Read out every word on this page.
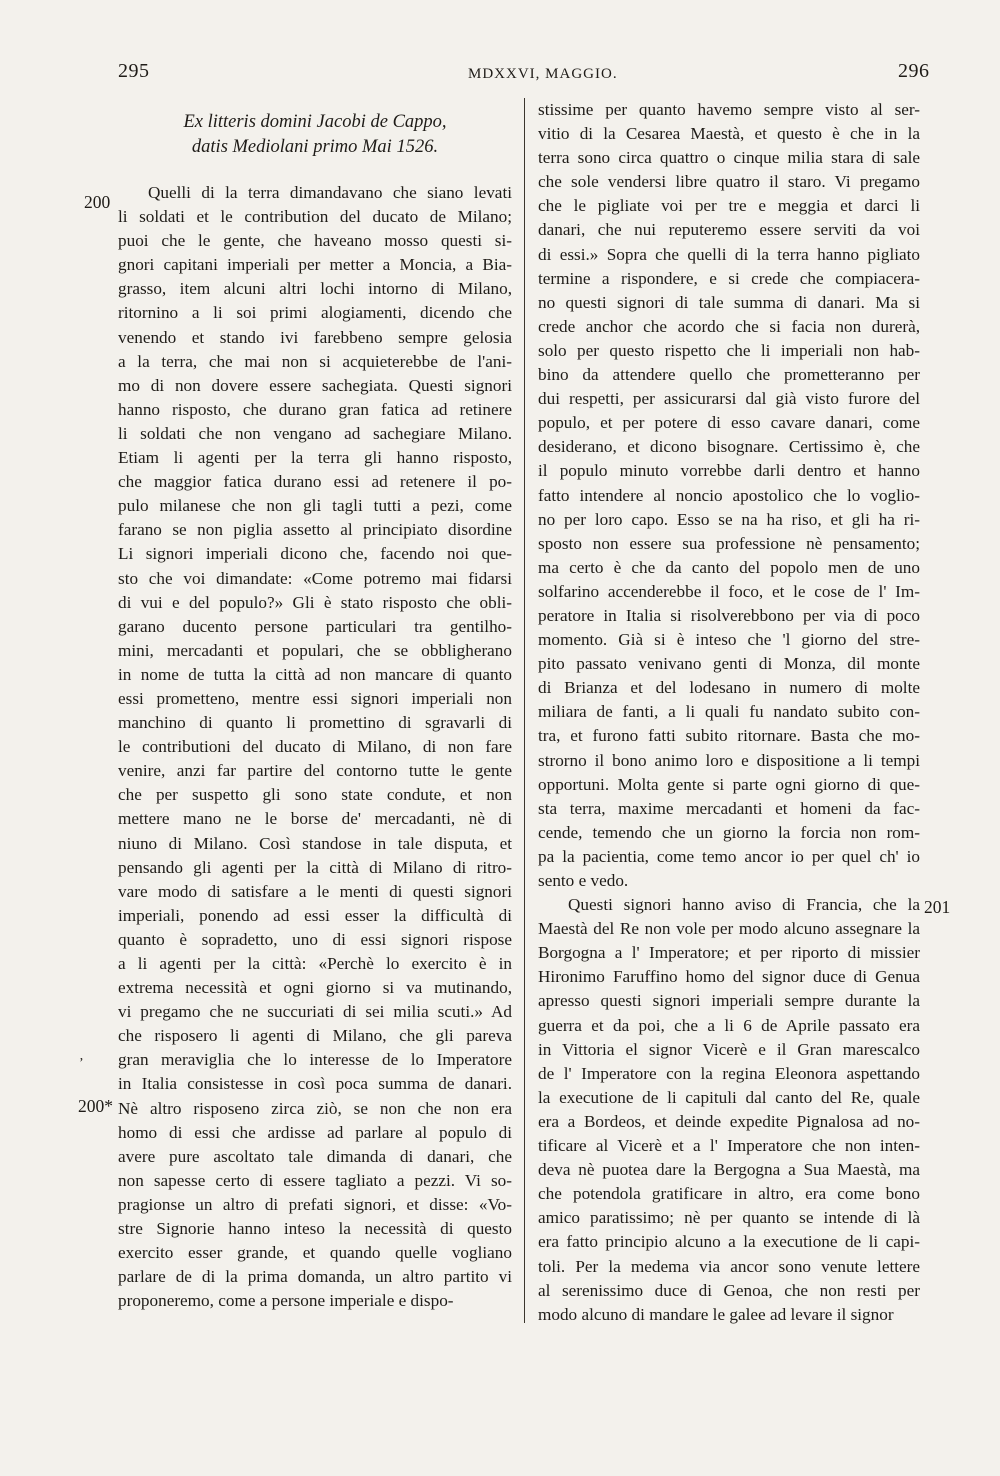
295	MDXXVI, MAGGIO.	296
200
’
200*
201
Ex litteris domini Jacobi de Cappo,
datis Mediolani primo Mai 1526.
Quelli di la terra dimandavano che siano levati
li soldati et le contribution del ducato de Milano;
puoi che le gente, che haveano mosso questi si-
gnori capitani imperiali per metter a Moncia, a Bia-
grasso, item alcuni altri lochi intorno di Milano,
ritornino a li soi primi alogiamenti, dicendo che
venendo et stando ivi farebbeno sempre gelosia
a la terra, che mai non si acquieterebbe de l'ani-
mo di non dovere essere sachegiata. Questi signori
hanno risposto, che durano gran fatica ad retinere
li soldati che non vengano ad sachegiare Milano.
Etiam li agenti per la terra gli hanno risposto,
che maggior fatica durano essi ad retenere il po-
pulo milanese che non gli tagli tutti a pezi, come
farano se non piglia assetto al principiato disordine
Li signori imperiali dicono che, facendo noi que-
sto che voi dimandate: «Come potremo mai fidarsi
di vui e del populo?» Gli è stato risposto che obli-
garano ducento persone particulari tra gentilho-
mini, mercadanti et populari, che se obbligherano
in nome de tutta la città ad non mancare di quanto
essi prometteno, mentre essi signori imperiali non
manchino di quanto li promettino di sgravarli di
le contributioni del ducato di Milano, di non fare
venire, anzi far partire del contorno tutte le gente
che per suspetto gli sono state condute, et non
mettere mano ne le borse de' mercadanti, nè di
niuno di Milano. Così standose in tale disputa, et
pensando gli agenti per la città di Milano di ritro-
vare modo di satisfare a le menti di questi signori
imperiali, ponendo ad essi esser la difficultà di
quanto è sopradetto, uno di essi signori rispose
a li agenti per la città: «Perchè lo exercito è in
extrema necessità et ogni giorno si va mutinando,
vi pregamo che ne succuriati di sei milia scuti.» Ad
che risposero li agenti di Milano, che gli pareva
gran meraviglia che lo interesse de lo Imperatore
in Italia consistesse in così poca summa de danari.
Nè altro risposeno zirca ziò, se non che non era
homo di essi che ardisse ad parlare al populo di
avere pure ascoltato tale dimanda di danari, che
non sapesse certo di essere tagliato a pezzi. Vi so-
pragionse un altro di prefati signori, et disse: «Vo-
stre Signorie hanno inteso la necessità di questo
exercito esser grande, et quando quelle vogliano
parlare de di la prima domanda, un altro partito vi
proponeremo, come a persone imperiale e dispo-
stissime per quanto havemo sempre visto al ser-
vitio di la Cesarea Maestà, et questo è che in la
terra sono circa quattro o cinque milia stara di sale
che sole vendersi libre quatro il staro. Vi pregamo
che le pigliate voi per tre e meggia et darci li
danari, che nui reputeremo essere serviti da voi
di essi.» Sopra che quelli di la terra hanno pigliato
termine a rispondere, e si crede che compiacera-
no questi signori di tale summa di danari. Ma si
crede anchor che acordo che si facia non durerà,
solo per questo rispetto che li imperiali non hab-
bino da attendere quello che prometteranno per
dui respetti, per assicurarsi dal già visto furore del
populo, et per potere di esso cavare danari, come
desiderano, et dicono bisognare. Certissimo è, che
il populo minuto vorrebbe darli dentro et hanno
fatto intendere al noncio apostolico che lo voglio-
no per loro capo. Esso se na ha riso, et gli ha ri-
sposto non essere sua professione nè pensamento;
ma certo è che da canto del popolo men de uno
solfarino accenderebbe il foco, et le cose de l' Im-
peratore in Italia si risolverebbono per via di poco
momento. Già si è inteso che 'l giorno del stre-
pito passato venivano genti di Monza, dil monte
di Brianza et del lodesano in numero di molte
miliara de fanti, a li quali fu nandato subito con-
tra, et furono fatti subito ritornare. Basta che mo-
strorno il bono animo loro e dispositione a li tempi
opportuni. Molta gente si parte ogni giorno di que-
sta terra, maxime mercadanti et homeni da fac-
cende, temendo che un giorno la forcia non rom-
pa la pacientia, come temo ancor io per quel ch' io
sento e vedo.
Questi signori hanno aviso di Francia, che la
Maestà del Re non vole per modo alcuno assegnare la
Borgogna a l' Imperatore; et per riporto di missier
Hironimo Faruffino homo del signor duce di Genua
apresso questi signori imperiali sempre durante la
guerra et da poi, che a li 6 de Aprile passato era
in Vittoria el signor Vicerè e il Gran marescalco
de l' Imperatore con la regina Eleonora aspettando
la executione de li capituli dal canto del Re, quale
era a Bordeos, et deinde expedite Pignalosa ad no-
tificare al Vicerè et a l' Imperatore che non inten-
deva nè puotea dare la Bergogna a Sua Maestà, ma
che potendola gratificare in altro, era come bono
amico paratissimo; nè per quanto se intende di là
era fatto principio alcuno a la executione de li capi-
toli. Per la medema via ancor sono venute lettere
al serenissimo duce di Genoa, che non resti per
modo alcuno di mandare le galee ad levare il signor
